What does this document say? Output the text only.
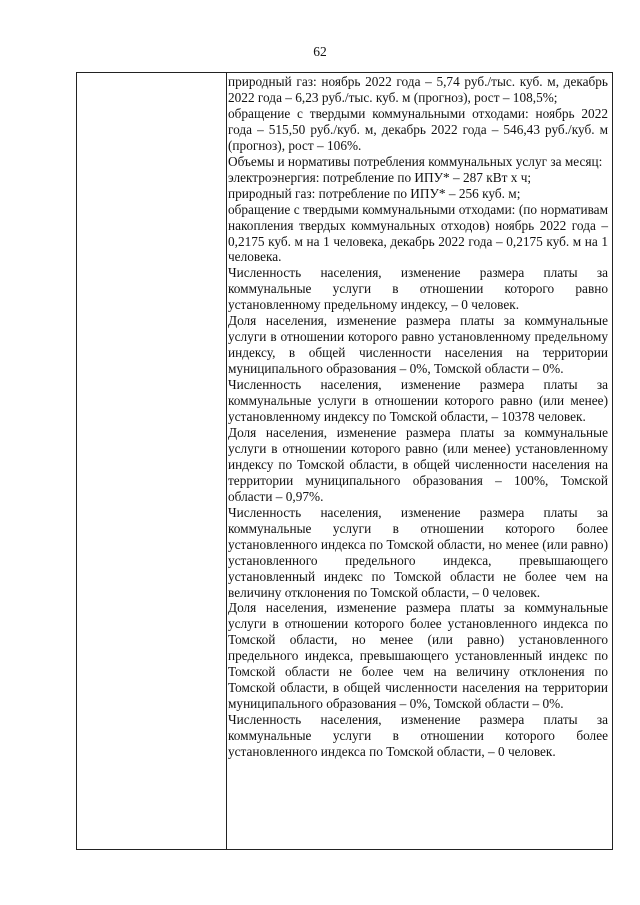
62

природный газ: ноябрь 2022 года – 5,74 руб./тыс. куб. м, декабрь 2022 года – 6,23 руб./тыс. куб. м (прогноз), рост – 108,5%;

обращение с твердыми коммунальными отходами: ноябрь 2022 года – 515,50 руб./куб. м, декабрь 2022 года – 546,43 руб./куб. м (прогноз), рост – 106%.

Объемы и нормативы потребления коммунальных услуг за месяц:

электроэнергия: потребление по ИПУ* – 287 кВт х ч;

природный газ: потребление по ИПУ* – 256 куб. м;

обращение с твердыми коммунальными отходами: (по нормативам накопления твердых коммунальных отходов) ноябрь 2022 года – 0,2175 куб. м на 1 человека, декабрь 2022 года – 0,2175 куб. м на 1 человека.

Численность населения, изменение размера платы за коммунальные услуги в отношении которого равно установленному предельному индексу, – 0 человек.

Доля населения, изменение размера платы за коммунальные услуги в отношении которого равно установленному предельному индексу, в общей численности населения на территории муниципального образования – 0%, Томской области – 0%.

Численность населения, изменение размера платы за коммунальные услуги в отношении которого равно (или менее) установленному индексу по Томской области, – 10378 человек.

Доля населения, изменение размера платы за коммунальные услуги в отношении которого равно (или менее) установленному индексу по Томской области, в общей численности населения на территории муниципального образования – 100%, Томской области – 0,97%.

Численность населения, изменение размера платы за коммунальные услуги в отношении которого более установленного индекса по Томской области, но менее (или равно) установленного предельного индекса, превышающего установленный индекс по Томской области не более чем на величину отклонения по Томской области, – 0 человек.

Доля населения, изменение размера платы за коммунальные услуги в отношении которого более установленного индекса по Томской области, но менее (или равно) установленного предельного индекса, превышающего установленный индекс по Томской области не более чем на величину отклонения по Томской области, в общей численности населения на территории муниципального образования – 0%, Томской области – 0%.

Численность населения, изменение размера платы за коммунальные услуги в отношении которого более установленного индекса по Томской области, – 0 человек.
